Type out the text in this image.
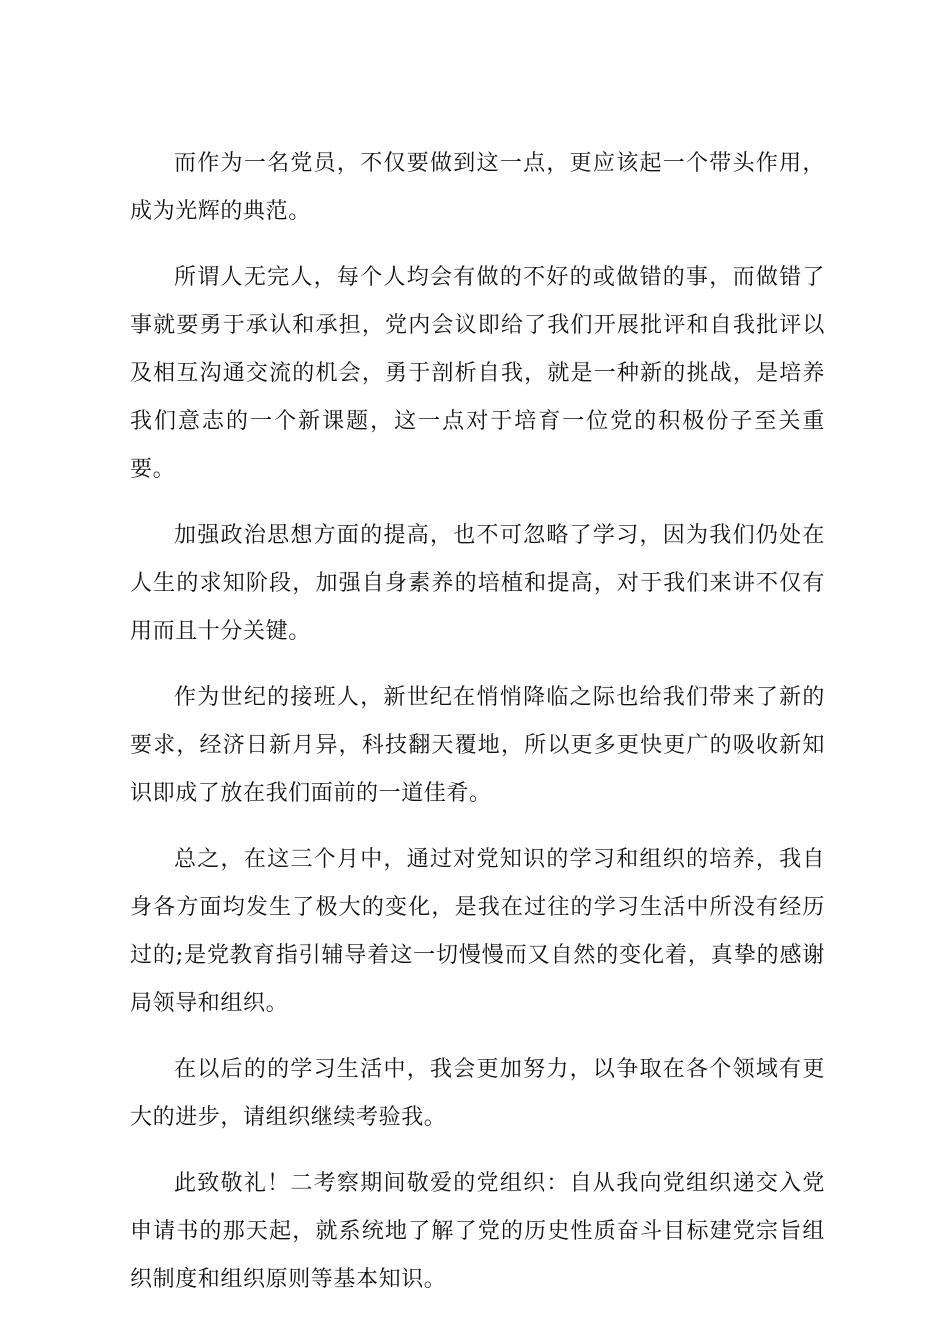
而作为一名党员，不仅要做到这一点，更应该起一个带头作用，成为光辉的典范。

所谓人无完人，每个人均会有做的不好的或做错的事，而做错了事就要勇于承认和承担，党内会议即给了我们开展批评和自我批评以及相互沟通交流的机会，勇于剖析自我，就是一种新的挑战，是培养我们意志的一个新课题，这一点对于培育一位党的积极份子至关重要。

加强政治思想方面的提高，也不可忽略了学习，因为我们仍处在人生的求知阶段，加强自身素养的培植和提高，对于我们来讲不仅有用而且十分关键。

作为世纪的接班人，新世纪在悄悄降临之际也给我们带来了新的要求，经济日新月异，科技翻天覆地，所以更多更快更广的吸收新知识即成了放在我们面前的一道佳肴。

总之，在这三个月中，通过对党知识的学习和组织的培养，我自身各方面均发生了极大的变化，是我在过往的学习生活中所没有经历过的;是党教育指引辅导着这一切慢慢而又自然的变化着，真挚的感谢局领导和组织。

在以后的的学习生活中，我会更加努力，以争取在各个领域有更大的进步，请组织继续考验我。

此致敬礼！二考察期间敬爱的党组织：自从我向党组织递交入党申请书的那天起，就系统地了解了党的历史性质奋斗目标建党宗旨组织制度和组织原则等基本知识。
